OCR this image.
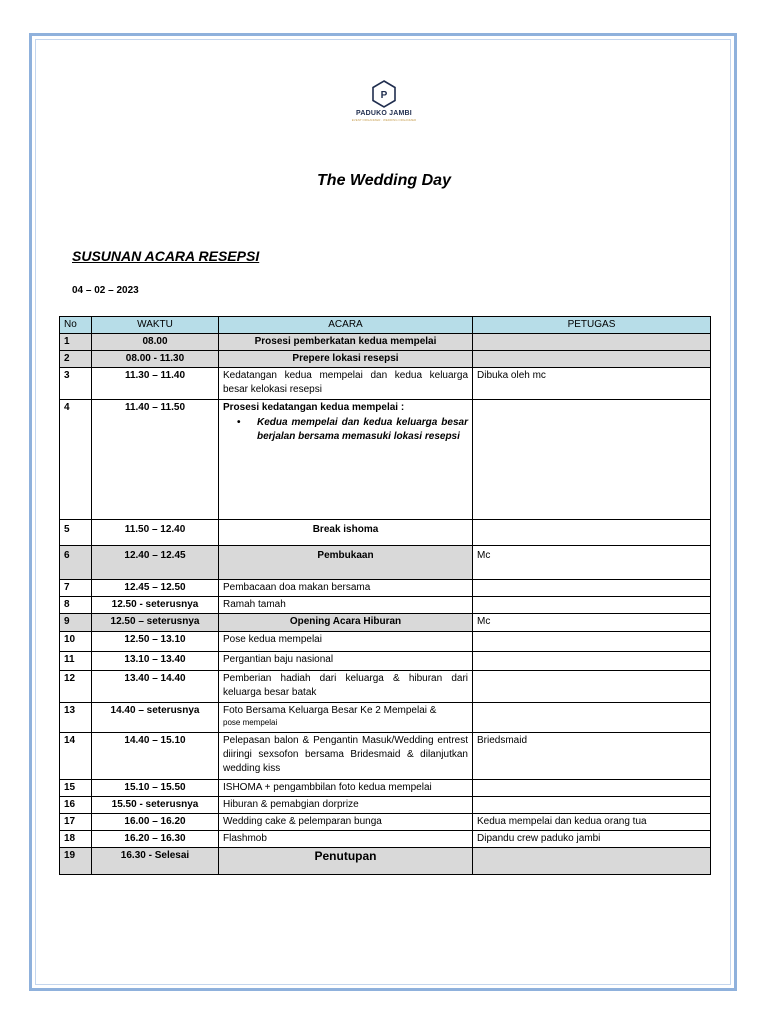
P
PADUKO JAMBI
EVENT ORGANIZER · WEDDING ORGANIZER
The Wedding Day
SUSUNAN ACARA RESEPSI
04 – 02 – 2023
No	WAKTU	ACARA	PETUGAS
1	08.00	Prosesi pemberkatan kedua mempelai	
2	08.00 - 11.30	Prepere lokasi resepsi	
3	11.30 – 11.40	Kedatangan kedua mempelai dan kedua keluarga besar kelokasi resepsi	Dibuka oleh mc
4	11.40 – 11.50	Prosesi kedatangan kedua mempelai :
• Kedua mempelai dan kedua keluarga besar berjalan bersama memasuki lokasi resepsi	

5	11.50 – 12.40	Break ishoma	
6	12.40 – 12.45	Pembukaan	Mc
7	12.45 – 12.50	Pembacaan doa makan bersama	
8	12.50 - seterusnya	Ramah tamah	
9	12.50 – seterusnya	Opening Acara Hiburan	Mc
10	12.50 – 13.10	Pose kedua mempelai	
11	13.10 – 13.40	Pergantian baju nasional	
12	13.40 – 14.40	Pemberian hadiah dari keluarga & hiburan dari keluarga besar batak	
13	14.40 – seterusnya	Foto Bersama Keluarga Besar Ke 2 Mempelai &
pose mempelai	

14	14.40 – 15.10	Pelepasan balon & Pengantin Masuk/Wedding entrest diiringi sexsofon bersama Bridesmaid & dilanjutkan wedding kiss	Briedsmaid
15	15.10 – 15.50	ISHOMA + pengambbilan foto kedua mempelai	
16	15.50 - seterusnya	Hiburan & pemabgian dorprize	
17	16.00 – 16.20	Wedding cake & pelemparan bunga	Kedua mempelai dan kedua orang tua
18	16.20 – 16.30	Flashmob	Dipandu crew paduko jambi
19	16.30 - Selesai	Penutupan	
